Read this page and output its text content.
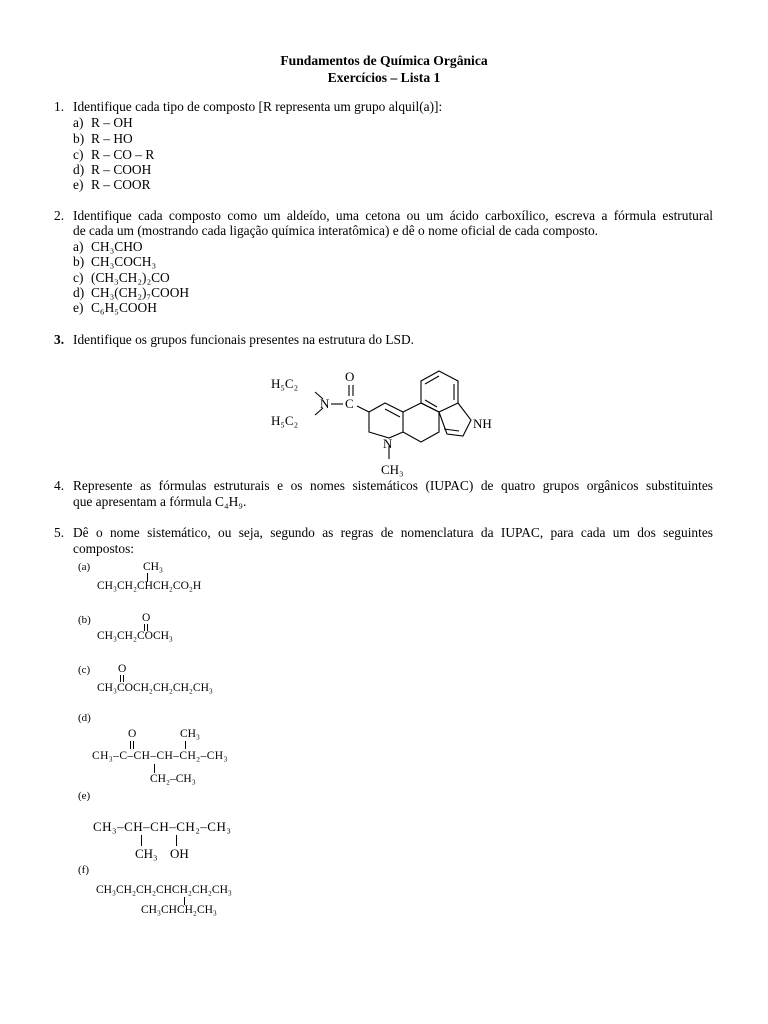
Fundamentos de Química Orgânica
Exercícios – Lista 1
1. Identifique cada tipo de composto [R representa um grupo alquil(a)]:
a) R – OH
b) R – HO
c) R – CO – R
d) R – COOH
e) R – COOR
2. Identifique cada composto como um aldeído, uma cetona ou um ácido carboxílico, escreva a fórmula estrutural
de cada um (mostrando cada ligação química interatômica) e dê o nome oficial de cada composto.
a) CH₃CHO
b) CH₃COCH₃
c) (CH₃CH₂)₂CO
d) CH₃(CH₂)₇COOH
e) C₆H₅COOH
3. Identifique os grupos funcionais presentes na estrutura do LSD.
H₅C₂
N C
O
H₅C₂
N
CH₃
NH
4. Represente as fórmulas estruturais e os nomes sistemáticos (IUPAC) de quatro grupos orgânicos substituintes
que apresentam a fórmula C₄H₉.
5. Dê o nome sistemático, ou seja, segundo as regras de nomenclatura da IUPAC, para cada um dos seguintes
compostos:
(a)	CH₃
CH₃CH₂CHCH₂CO₂H
(b)	O
CH₃CH₂COCH₃
(c) O
CH₃COCH₂CH₂CH₂CH₃
(d)
O	CH₃
CH₃–C–CH–CH–CH₂–CH₃
CH₂–CH₃
(e)
CH₃–CH–CH–CH₂–CH₃
CH₃ OH
(f)
CH₃CH₂CH₂CHCH₂CH₂CH₃
CH₃CHCH₂CH₃
